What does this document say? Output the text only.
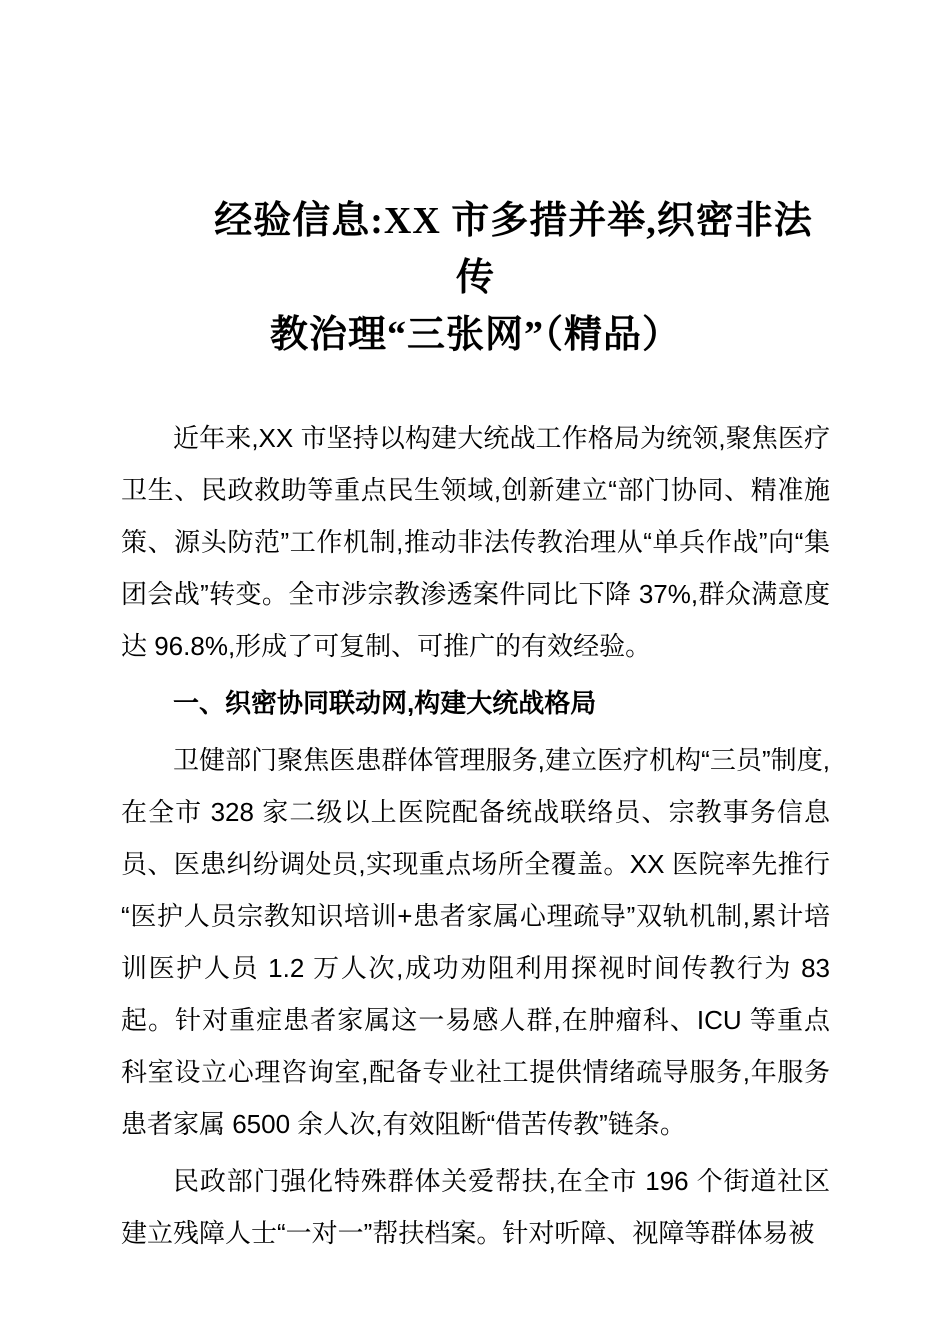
经验信息:XX 市多措并举,织密非法传
教治理“三张网”（精品）

近年来,XX 市坚持以构建大统战工作格局为统领,聚焦医疗卫生、民政救助等重点民生领域,创新建立“部门协同、精准施策、源头防范”工作机制,推动非法传教治理从“单兵作战”向“集团会战”转变。全市涉宗教渗透案件同比下降 37%,群众满意度达 96.8%,形成了可复制、可推广的有效经验。

一、织密协同联动网,构建大统战格局

卫健部门聚焦医患群体管理服务,建立医疗机构“三员”制度,在全市 328 家二级以上医院配备统战联络员、宗教事务信息员、医患纠纷调处员,实现重点场所全覆盖。XX 医院率先推行“医护人员宗教知识培训+患者家属心理疏导”双轨机制,累计培训医护人员 1.2 万人次,成功劝阻利用探视时间传教行为 83 起。针对重症患者家属这一易感人群,在肿瘤科、ICU 等重点科室设立心理咨询室,配备专业社工提供情绪疏导服务,年服务患者家属 6500 余人次,有效阻断“借苦传教”链条。

民政部门强化特殊群体关爱帮扶,在全市 196 个街道社区建立残障人士“一对一”帮扶档案。针对听障、视障等群体易被
